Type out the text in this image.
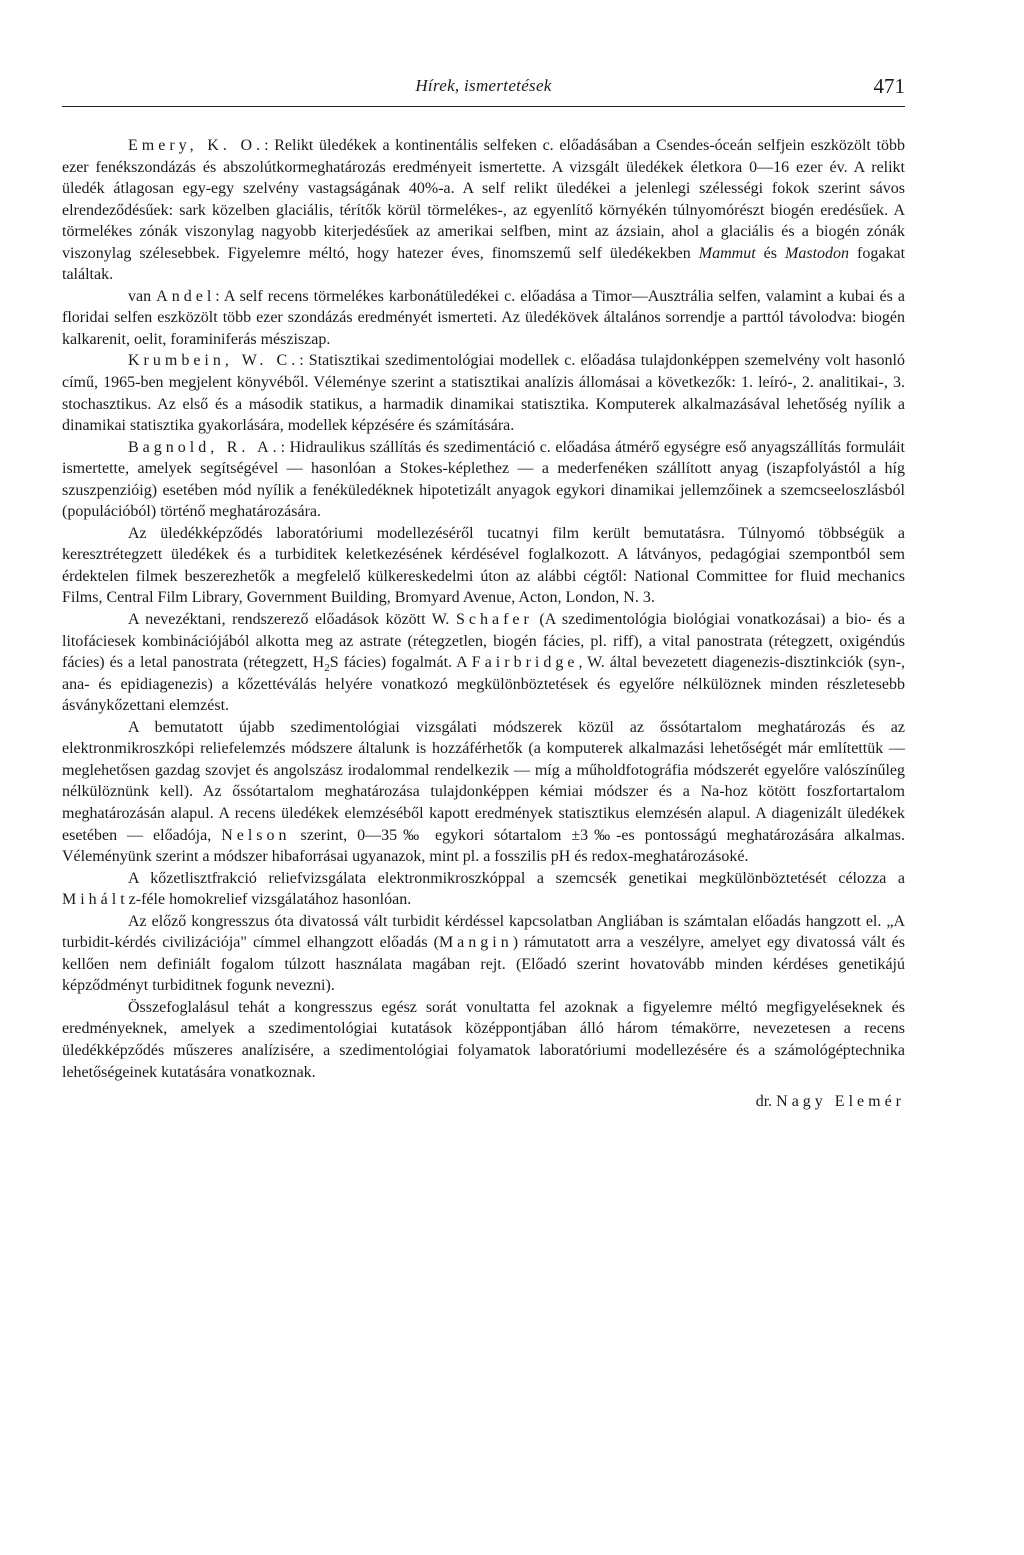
Hírek, ismertetések	471

Emery, K. O.: Relikt üledékek a kontinentális selfeken c. előadásában a Csendes-óceán selfjein eszközölt több ezer fenékszondázás és abszolútkormeghatározás eredményeit ismertette. A vizsgált üledékek életkora 0—16 ezer év. A relikt üledék átlagosan egy-egy szelvény vastagságának 40%-a. A self relikt üledékei a jelenlegi szélességi fokok szerint sávos elrendeződésűek: sark közelben glaciális, térítők körül törmelékes-, az egyenlítő környékén túlnyomórészt biogén eredésűek. A törmelékes zónák viszonylag nagyobb kiterjedésűek az amerikai selfben, mint az ázsiain, ahol a glaciális és a biogén zónák viszonylag szélesebbek. Figyelemre méltó, hogy hatezer éves, finomszemű self üledékekben Mammut és Mastodon fogakat találtak.

van Andel: A self recens törmelékes karbonátüledékei c. előadása a Timor—Ausztrália selfen, valamint a kubai és a floridai selfen eszközölt több ezer szondázás eredményét ismerteti. Az üledékövek általános sorrendje a parttól távolodva: biogén kalkarenit, oelit, foraminiferás mésziszap.

Krumbein, W. C.: Statisztikai szedimentológiai modellek c. előadása tulajdonképpen szemelvény volt hasonló című, 1965-ben megjelent könyvéből. Véleménye szerint a statisztikai analízis állomásai a következők: 1. leíró-, 2. analitikai-, 3. stochasztikus. Az első és a második statikus, a harmadik dinamikai statisztika. Komputerek alkalmazásával lehetőség nyílik a dinamikai statisztika gyakorlására, modellek képzésére és számítására.

Bagnold, R. A.: Hidraulikus szállítás és szedimentáció c. előadása átmérő egységre eső anyagszállítás formuláit ismertette, amelyek segítségével — hasonlóan a Stokes-képlethez — a mederfenéken szállított anyag (iszapfolyástól a híg szuszpenzióig) esetében mód nyílik a fenéküledéknek hipotetizált anyagok egykori dinamikai jellemzőinek a szemcseeloszlásból (populációból) történő meghatározására.

Az üledékképződés laboratóriumi modellezéséről tucatnyi film került bemutatásra. Túlnyomó többségük a keresztrétegzett üledékek és a turbiditek keletkezésének kérdésével foglalkozott. A látványos, pedagógiai szempontból sem érdektelen filmek beszerezhetők a megfelelő külkereskedelmi úton az alábbi cégtől: National Committee for fluid mechanics Films, Central Film Library, Government Building, Bromyard Avenue, Acton, London, N. 3.

A nevezéktani, rendszerező előadások között W. Schafer (A szedimentológia biológiai vonatkozásai) a bio- és a litofáciesek kombinációjából alkotta meg az astrate (rétegzetlen, biogén fácies, pl. riff), a vital panostrata (rétegzett, oxigéndús fácies) és a letal panostrata (rétegzett, $H_2S$ fácies) fogalmát. A Fairbridge, W. által bevezetett diagenezis-disztinkciók (syn-, ana- és epidiagenezis) a kőzettéválás helyére vonatkozó megkülönböztetések és egyelőre nélkülöznek minden részletesebb ásványkőzettani elemzést.

A bemutatott újabb szedimentológiai vizsgálati módszerek közül az őssótartalom meghatározás és az elektronmikroszkópi reliefelemzés módszere általunk is hozzáférhetők (a komputerek alkalmazási lehetőségét már említettük — meglehetősen gazdag szovjet és angolszász irodalommal rendelkezik — míg a műholdfotográfia módszerét egyelőre valószínűleg nélkülöznünk kell). Az őssótartalom meghatározása tulajdonképpen kémiai módszer és a Na-hoz kötött foszfortartalom meghatározásán alapul. A recens üledékek elemzéséből kapott eredmények statisztikus elemzésén alapul. A diagenizált üledékek esetében — előadója, Nelson szerint, 0—35‰ egykori sótartalom ±3‰-es pontosságú meghatározására alkalmas. Véleményünk szerint a módszer hibaforrásai ugyanazok, mint pl. a fosszilis pH és redox-meghatározásoké.

A kőzetlisztfrakció reliefvizsgálata elektronmikroszkóppal a szemcsék genetikai megkülönböztetését célozza a Miháltz-féle homokrelief vizsgálatához hasonlóan.

Az előző kongresszus óta divatossá vált turbidit kérdéssel kapcsolatban Angliában is számtalan előadás hangzott el. „A turbidit-kérdés civilizációja" címmel elhangzott előadás (Mangin) rámutatott arra a veszélyre, amelyet egy divatossá vált és kellően nem definiált fogalom túlzott használata magában rejt. (Előadó szerint hovatovább minden kérdéses genetikájú képződményt turbiditnek fogunk nevezni).

Összefoglalásul tehát a kongresszus egész sorát vonultatta fel azoknak a figyelemre méltó megfigyeléseknek és eredményeknek, amelyek a szedimentológiai kutatások középpontjában álló három témakörre, nevezetesen a recens üledékképződés műszeres analízisére, a szedimentológiai folyamatok laboratóriumi modellezésére és a számológéptechnika lehetőségeinek kutatására vonatkoznak.

dr. Nagy Elemér
